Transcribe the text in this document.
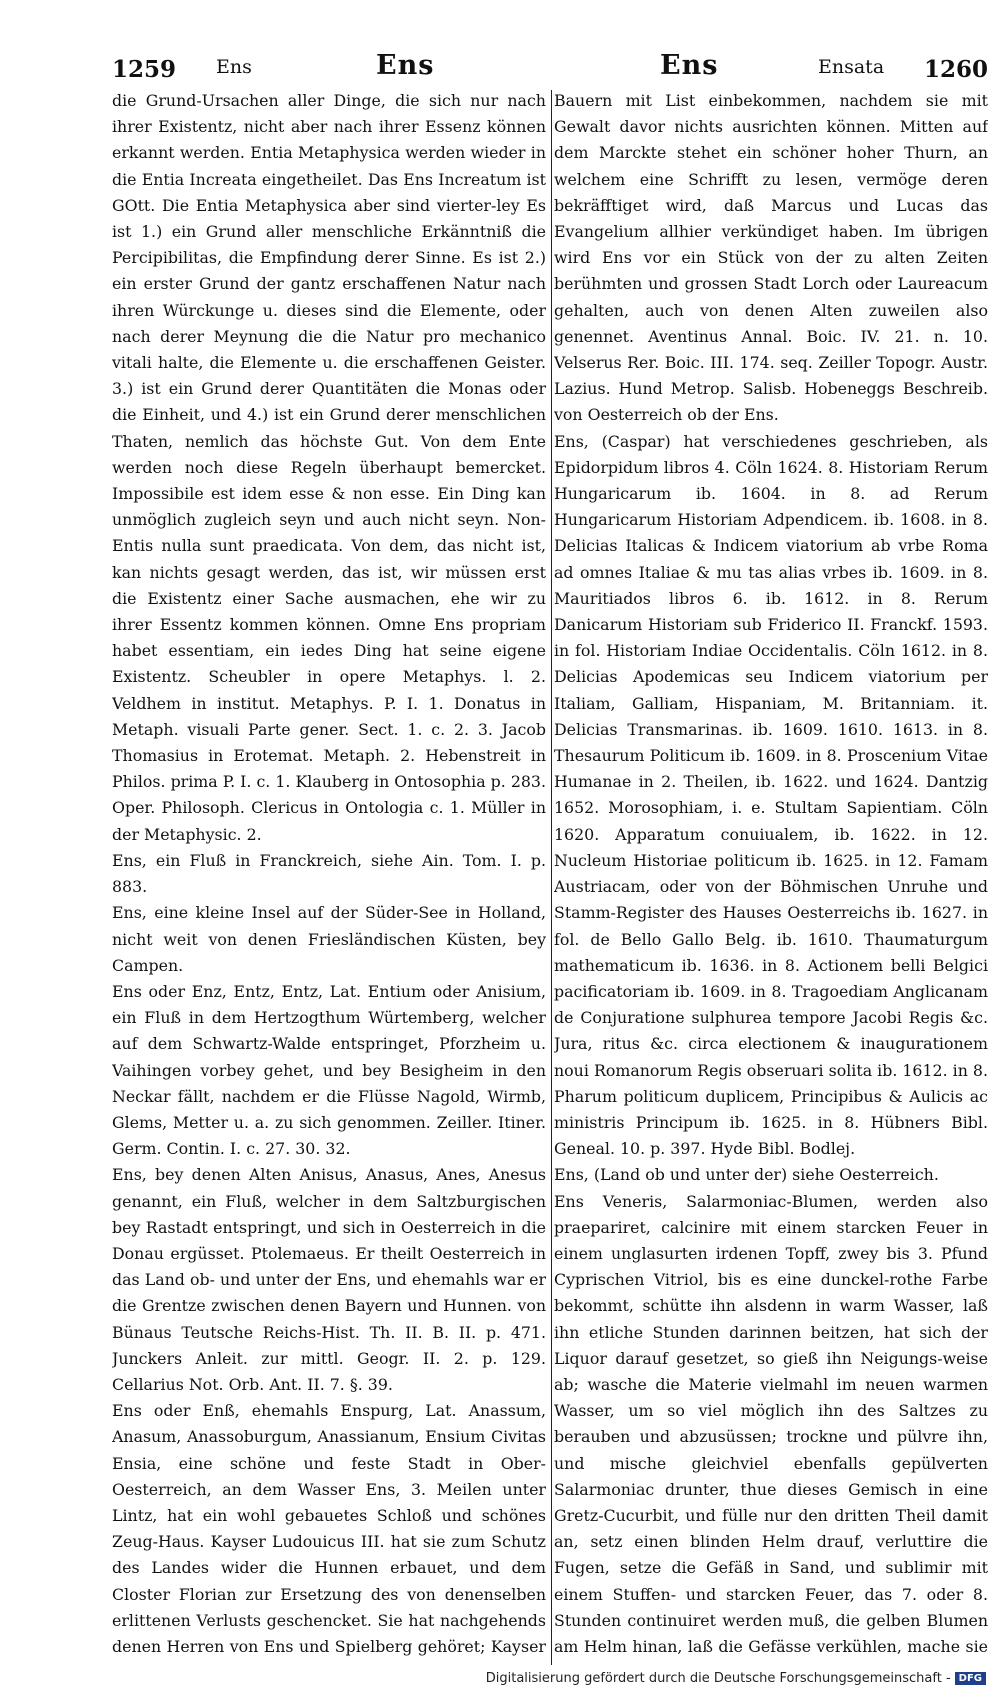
1259 Ens	Ens	Ens	Ensata 1260

die Grund-Ursachen aller Dinge, die sich nur nach ihrer Existentz, nicht aber nach ihrer Essenz können erkannt werden. Entia Metaphysica werden wieder in die Entia Increata eingetheilet. Das Ens Increatum ist GOtt. Die Entia Metaphysica aber sind vierter-ley Es ist 1.) ein Grund aller menschliche Erkänntniß die Percipibilitas, die Empfindung derer Sinne. Es ist 2.) ein erster Grund der gantz erschaffenen Natur nach ihren Würckunge u. dieses sind die Elemente, oder nach derer Meynung die die Natur pro mechanico vitali halte, die Elemente u. die erschaffenen Geister. 3.) ist ein Grund derer Quantitäten die Monas oder die Einheit, und 4.) ist ein Grund derer menschlichen Thaten, nemlich das höchste Gut. Von dem Ente werden noch diese Regeln überhaupt bemercket. Impossibile est idem esse & non esse. Ein Ding kan unmöglich zugleich seyn und auch nicht seyn. Non-Entis nulla sunt praedicata. Von dem, das nicht ist, kan nichts gesagt werden, das ist, wir müssen erst die Existentz einer Sache ausmachen, ehe wir zu ihrer Essentz kommen können. Omne Ens propriam habet essentiam, ein iedes Ding hat seine eigene Existentz. Scheubler in opere Metaphys. l. 2. Veldhem in institut. Metaphys. P. I. 1. Donatus in Metaph. visuali Parte gener. Sect. 1. c. 2. 3. Jacob Thomasius in Erotemat. Metaph. 2. Hebenstreit in Philos. prima P. I. c. 1. Klauberg in Ontosophia p. 283. Oper. Philosoph. Clericus in Ontologia c. 1. Müller in der Metaphysic. 2.

Ens, ein Fluß in Franckreich, siehe Ain. Tom. I. p. 883.

Ens, eine kleine Insel auf der Süder-See in Holland, nicht weit von denen Friesländischen Küsten, bey Campen.

Ens oder Enz, Entz, Entz, Lat. Entium oder Anisium, ein Fluß in dem Hertzogthum Würtemberg, welcher auf dem Schwartz-Walde entspringet, Pforzheim u. Vaihingen vorbey gehet, und bey Besigheim in den Neckar fällt, nachdem er die Flüsse Nagold, Wirmb, Glems, Metter u. a. zu sich genommen. Zeiller. Itiner. Germ. Contin. I. c. 27. 30. 32.

Ens, bey denen Alten Anisus, Anasus, Anes, Anesus genannt, ein Fluß, welcher in dem Saltzburgischen bey Rastadt entspringt, und sich in Oesterreich in die Donau ergüsset. Ptolemaeus. Er theilt Oesterreich in das Land ob- und unter der Ens, und ehemahls war er die Grentze zwischen denen Bayern und Hunnen. von Bünaus Teutsche Reichs-Hist. Th. II. B. II. p. 471. Junckers Anleit. zur mittl. Geogr. II. 2. p. 129. Cellarius Not. Orb. Ant. II. 7. §. 39.

Ens oder Enß, ehemahls Enspurg, Lat. Anassum, Anasum, Anassoburgum, Anassianum, Ensium Civitas Ensia, eine schöne und feste Stadt in Ober-Oesterreich, an dem Wasser Ens, 3. Meilen unter Lintz, hat ein wohl gebauetes Schloß und schönes Zeug-Haus. Kayser Ludouicus III. hat sie zum Schutz des Landes wider die Hunnen erbauet, und dem Closter Florian zur Ersetzung des von denenselben erlittenen Verlusts geschencket. Sie hat nachgehends denen Herren von Ens und Spielberg gehöret; Kayser

Bauern mit List einbekommen, nachdem sie mit Gewalt davor nichts ausrichten können. Mitten auf dem Marckte stehet ein schöner hoher Thurn, an welchem eine Schrifft zu lesen, vermöge deren bekräfftiget wird, daß Marcus und Lucas das Evangelium allhier verkündiget haben. Im übrigen wird Ens vor ein Stück von der zu alten Zeiten berühmten und grossen Stadt Lorch oder Laureacum gehalten, auch von denen Alten zuweilen also genennet. Aventinus Annal. Boic. IV. 21. n. 10. Velserus Rer. Boic. III. 174. seq. Zeiller Topogr. Austr. Lazius. Hund Metrop. Salisb. Hobeneggs Beschreib. von Oesterreich ob der Ens.

Ens, (Caspar) hat verschiedenes geschrieben, als Epidorpidum libros 4. Cöln 1624. 8. Historiam Rerum Hungaricarum ib. 1604. in 8. ad Rerum Hungaricarum Historiam Adpendicem. ib. 1608. in 8. Delicias Italicas & Indicem viatorium ab vrbe Roma ad omnes Italiae & mu tas alias vrbes ib. 1609. in 8. Mauritiados libros 6. ib. 1612. in 8. Rerum Danicarum Historiam sub Friderico II. Franckf. 1593. in fol. Historiam Indiae Occidentalis. Cöln 1612. in 8. Delicias Apodemicas seu Indicem viatorium per Italiam, Galliam, Hispaniam, M. Britanniam. it. Delicias Transmarinas. ib. 1609. 1610. 1613. in 8. Thesaurum Politicum ib. 1609. in 8. Proscenium Vitae Humanae in 2. Theilen, ib. 1622. und 1624. Dantzig 1652. Morosophiam, i. e. Stultam Sapientiam. Cöln 1620. Apparatum conuiualem, ib. 1622. in 12. Nucleum Historiae politicum ib. 1625. in 12. Famam Austriacam, oder von der Böhmischen Unruhe und Stamm-Register des Hauses Oesterreichs ib. 1627. in fol. de Bello Gallo Belg. ib. 1610. Thaumaturgum mathematicum ib. 1636. in 8. Actionem belli Belgici pacificatoriam ib. 1609. in 8. Tragoediam Anglicanam de Conjuratione sulphurea tempore Jacobi Regis &c. Jura, ritus &c. circa electionem & inaugurationem noui Romanorum Regis obseruari solita ib. 1612. in 8. Pharum politicum duplicem, Principibus & Aulicis ac ministris Principum ib. 1625. in 8. Hübners Bibl. Geneal. 10. p. 397. Hyde Bibl. Bodlej.

Ens, (Land ob und unter der) siehe Oesterreich.

Ens Veneris, Salarmoniac-Blumen, werden also praepariret, calcinire mit einem starcken Feuer in einem unglasurten irdenen Topff, zwey bis 3. Pfund Cyprischen Vitriol, bis es eine dunckel-rothe Farbe bekommt, schütte ihn alsdenn in warm Wasser, laß ihn etliche Stunden darinnen beitzen, hat sich der Liquor darauf gesetzet, so gieß ihn Neigungs-weise ab; wasche die Materie vielmahl im neuen warmen Wasser, um so viel möglich ihn des Saltzes zu berauben und abzusüssen; trockne und pülvre ihn, und mische gleichviel ebenfalls gepülverten Salarmoniac drunter, thue dieses Gemisch in eine Gretz-Cucurbit, und fülle nur den dritten Theil damit an, setz einen blinden Helm drauf, verluttire die Fugen, setze die Gefäß in Sand, und sublimir mit einem Stuffen- und starcken Feuer, das 7. oder 8. Stunden continuiret werden muß, die gelben Blumen am Helm hinan, laß die Gefässe verkühlen, mache sie

Digitalisierung gefördert durch die Deutsche Forschungsgemeinschaft - DFG
